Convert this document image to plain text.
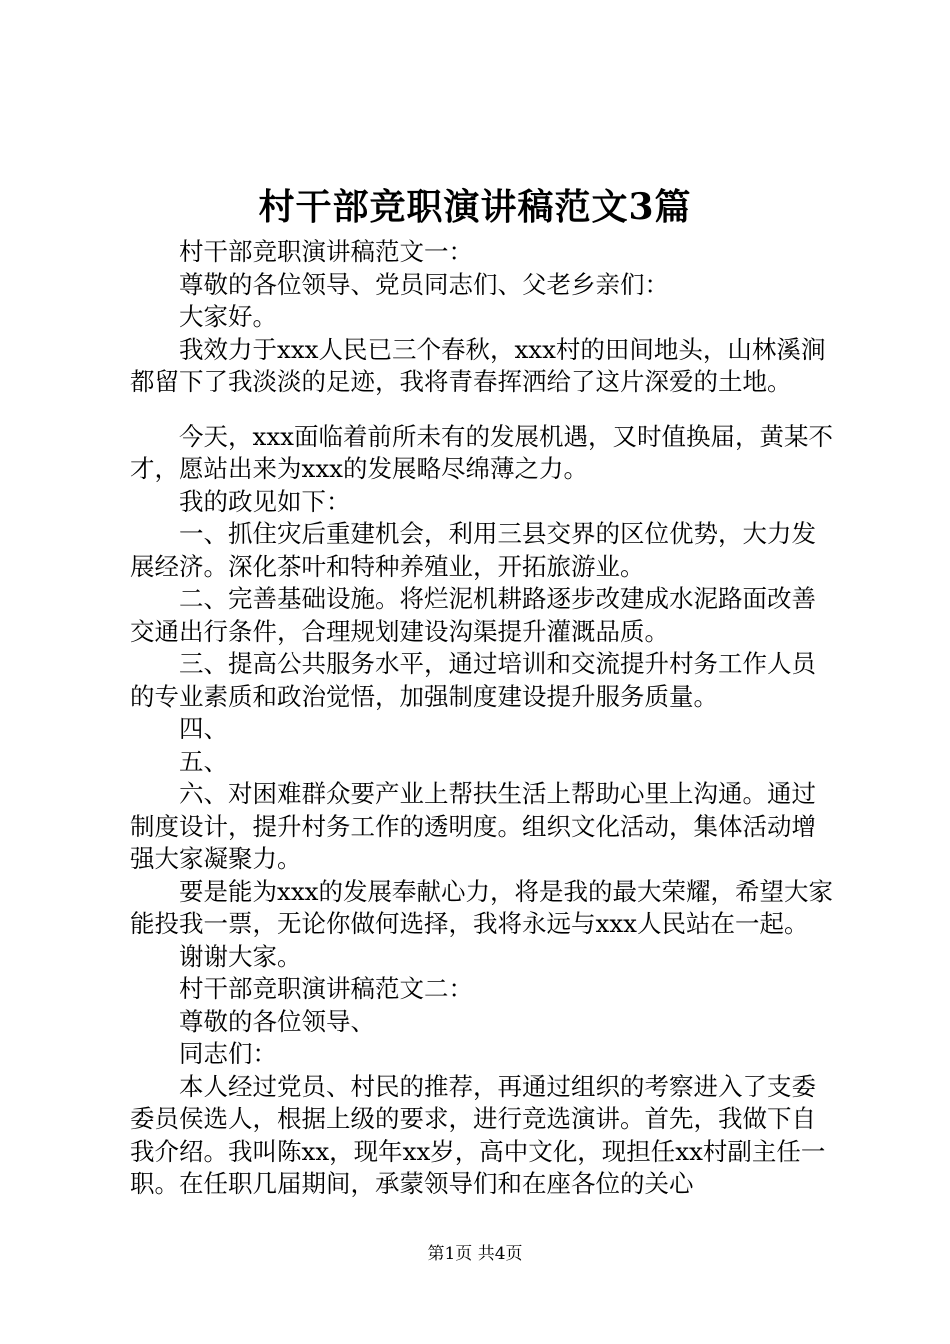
村干部竞职演讲稿范文3篇

村干部竞职演讲稿范文一：

尊敬的各位领导、党员同志们、父老乡亲们：

大家好。

我效力于xxx人民已三个春秋，xxx村的田间地头，山林溪涧都留下了我淡淡的足迹，我将青春挥洒给了这片深爱的土地。

今天，xxx面临着前所未有的发展机遇，又时值换届，黄某不才，愿站出来为xxx的发展略尽绵薄之力。

我的政见如下：

一、抓住灾后重建机会，利用三县交界的区位优势，大力发展经济。深化茶叶和特种养殖业，开拓旅游业。

二、完善基础设施。将烂泥机耕路逐步改建成水泥路面改善交通出行条件，合理规划建设沟渠提升灌溉品质。

三、提高公共服务水平，通过培训和交流提升村务工作人员的专业素质和政治觉悟，加强制度建设提升服务质量。

四、

五、

六、对困难群众要产业上帮扶生活上帮助心里上沟通。通过制度设计，提升村务工作的透明度。组织文化活动，集体活动增强大家凝聚力。

要是能为xxx的发展奉献心力，将是我的最大荣耀，希望大家能投我一票，无论你做何选择，我将永远与xxx人民站在一起。

谢谢大家。

村干部竞职演讲稿范文二：

尊敬的各位领导、

同志们：

本人经过党员、村民的推荐，再通过组织的考察进入了支委委员侯选人，根据上级的要求，进行竞选演讲。首先，我做下自我介绍。我叫陈xx，现年xx岁，高中文化，现担任xx村副主任一职。在任职几届期间，承蒙领导们和在座各位的关心

第1页 共4页
